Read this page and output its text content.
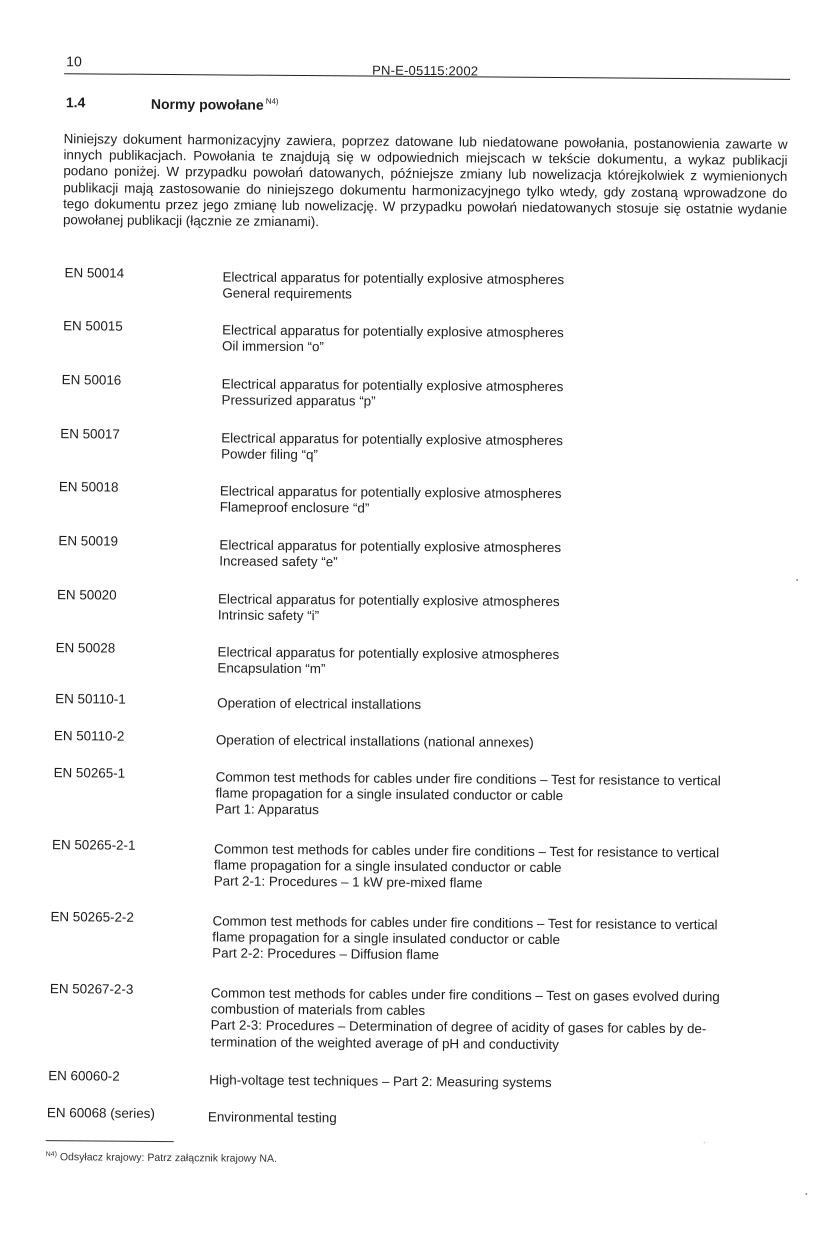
10
PN-E-05115:2002
1.4	Normy powołane $^{N4)}$

Niniejszy dokument harmonizacyjny zawiera, poprzez datowane lub niedatowane powołania, postanowienia zawarte w innych publikacjach. Powołania te znajdują się w odpowiednich miejscach w tekście dokumentu, a wykaz publikacji podano poniżej. W przypadku powołań datowanych, późniejsze zmiany lub nowelizacja którejkolwiek z wymienionych publikacji mają zastosowanie do niniejszego dokumentu harmonizacyjnego tylko wtedy, gdy zostaną wprowadzone do tego dokumentu przez jego zmianę lub nowelizację. W przypadku powołań niedatowanych stosuje się ostatnie wydanie powołanej publikacji (łącznie ze zmianami).

EN 50014	Electrical apparatus for potentially explosive atmospheres
General requirements
EN 50015	Electrical apparatus for potentially explosive atmospheres
Oil immersion “o”
EN 50016	Electrical apparatus for potentially explosive atmospheres
Pressurized apparatus “p”
EN 50017	Electrical apparatus for potentially explosive atmospheres
Powder filing “q”
EN 50018	Electrical apparatus for potentially explosive atmospheres
Flameproof enclosure “d”
EN 50019	Electrical apparatus for potentially explosive atmospheres
Increased safety “e”
EN 50020	Electrical apparatus for potentially explosive atmospheres
Intrinsic safety “i”
EN 50028	Electrical apparatus for potentially explosive atmospheres
Encapsulation “m”
EN 50110-1	Operation of electrical installations
EN 50110-2	Operation of electrical installations (national annexes)
EN 50265-1	Common test methods for cables under fire conditions – Test for resistance to vertical
flame propagation for a single insulated conductor or cable
Part 1: Apparatus
EN 50265-2-1	Common test methods for cables under fire conditions – Test for resistance to vertical
flame propagation for a single insulated conductor or cable
Part 2-1: Procedures – 1 kW pre-mixed flame
EN 50265-2-2	Common test methods for cables under fire conditions – Test for resistance to vertical
flame propagation for a single insulated conductor or cable
Part 2-2: Procedures – Diffusion flame
EN 50267-2-3	Common test methods for cables under fire conditions – Test on gases evolved during
combustion of materials from cables
Part 2-3: Procedures – Determination of degree of acidity of gases for cables by de-
termination of the weighted average of pH and conductivity
EN 60060-2	High-voltage test techniques – Part 2: Measuring systems
EN 60068 (series)	Environmental testing
$^{N4)}$ Odsyłacz krajowy: Patrz załącznik krajowy NA.
